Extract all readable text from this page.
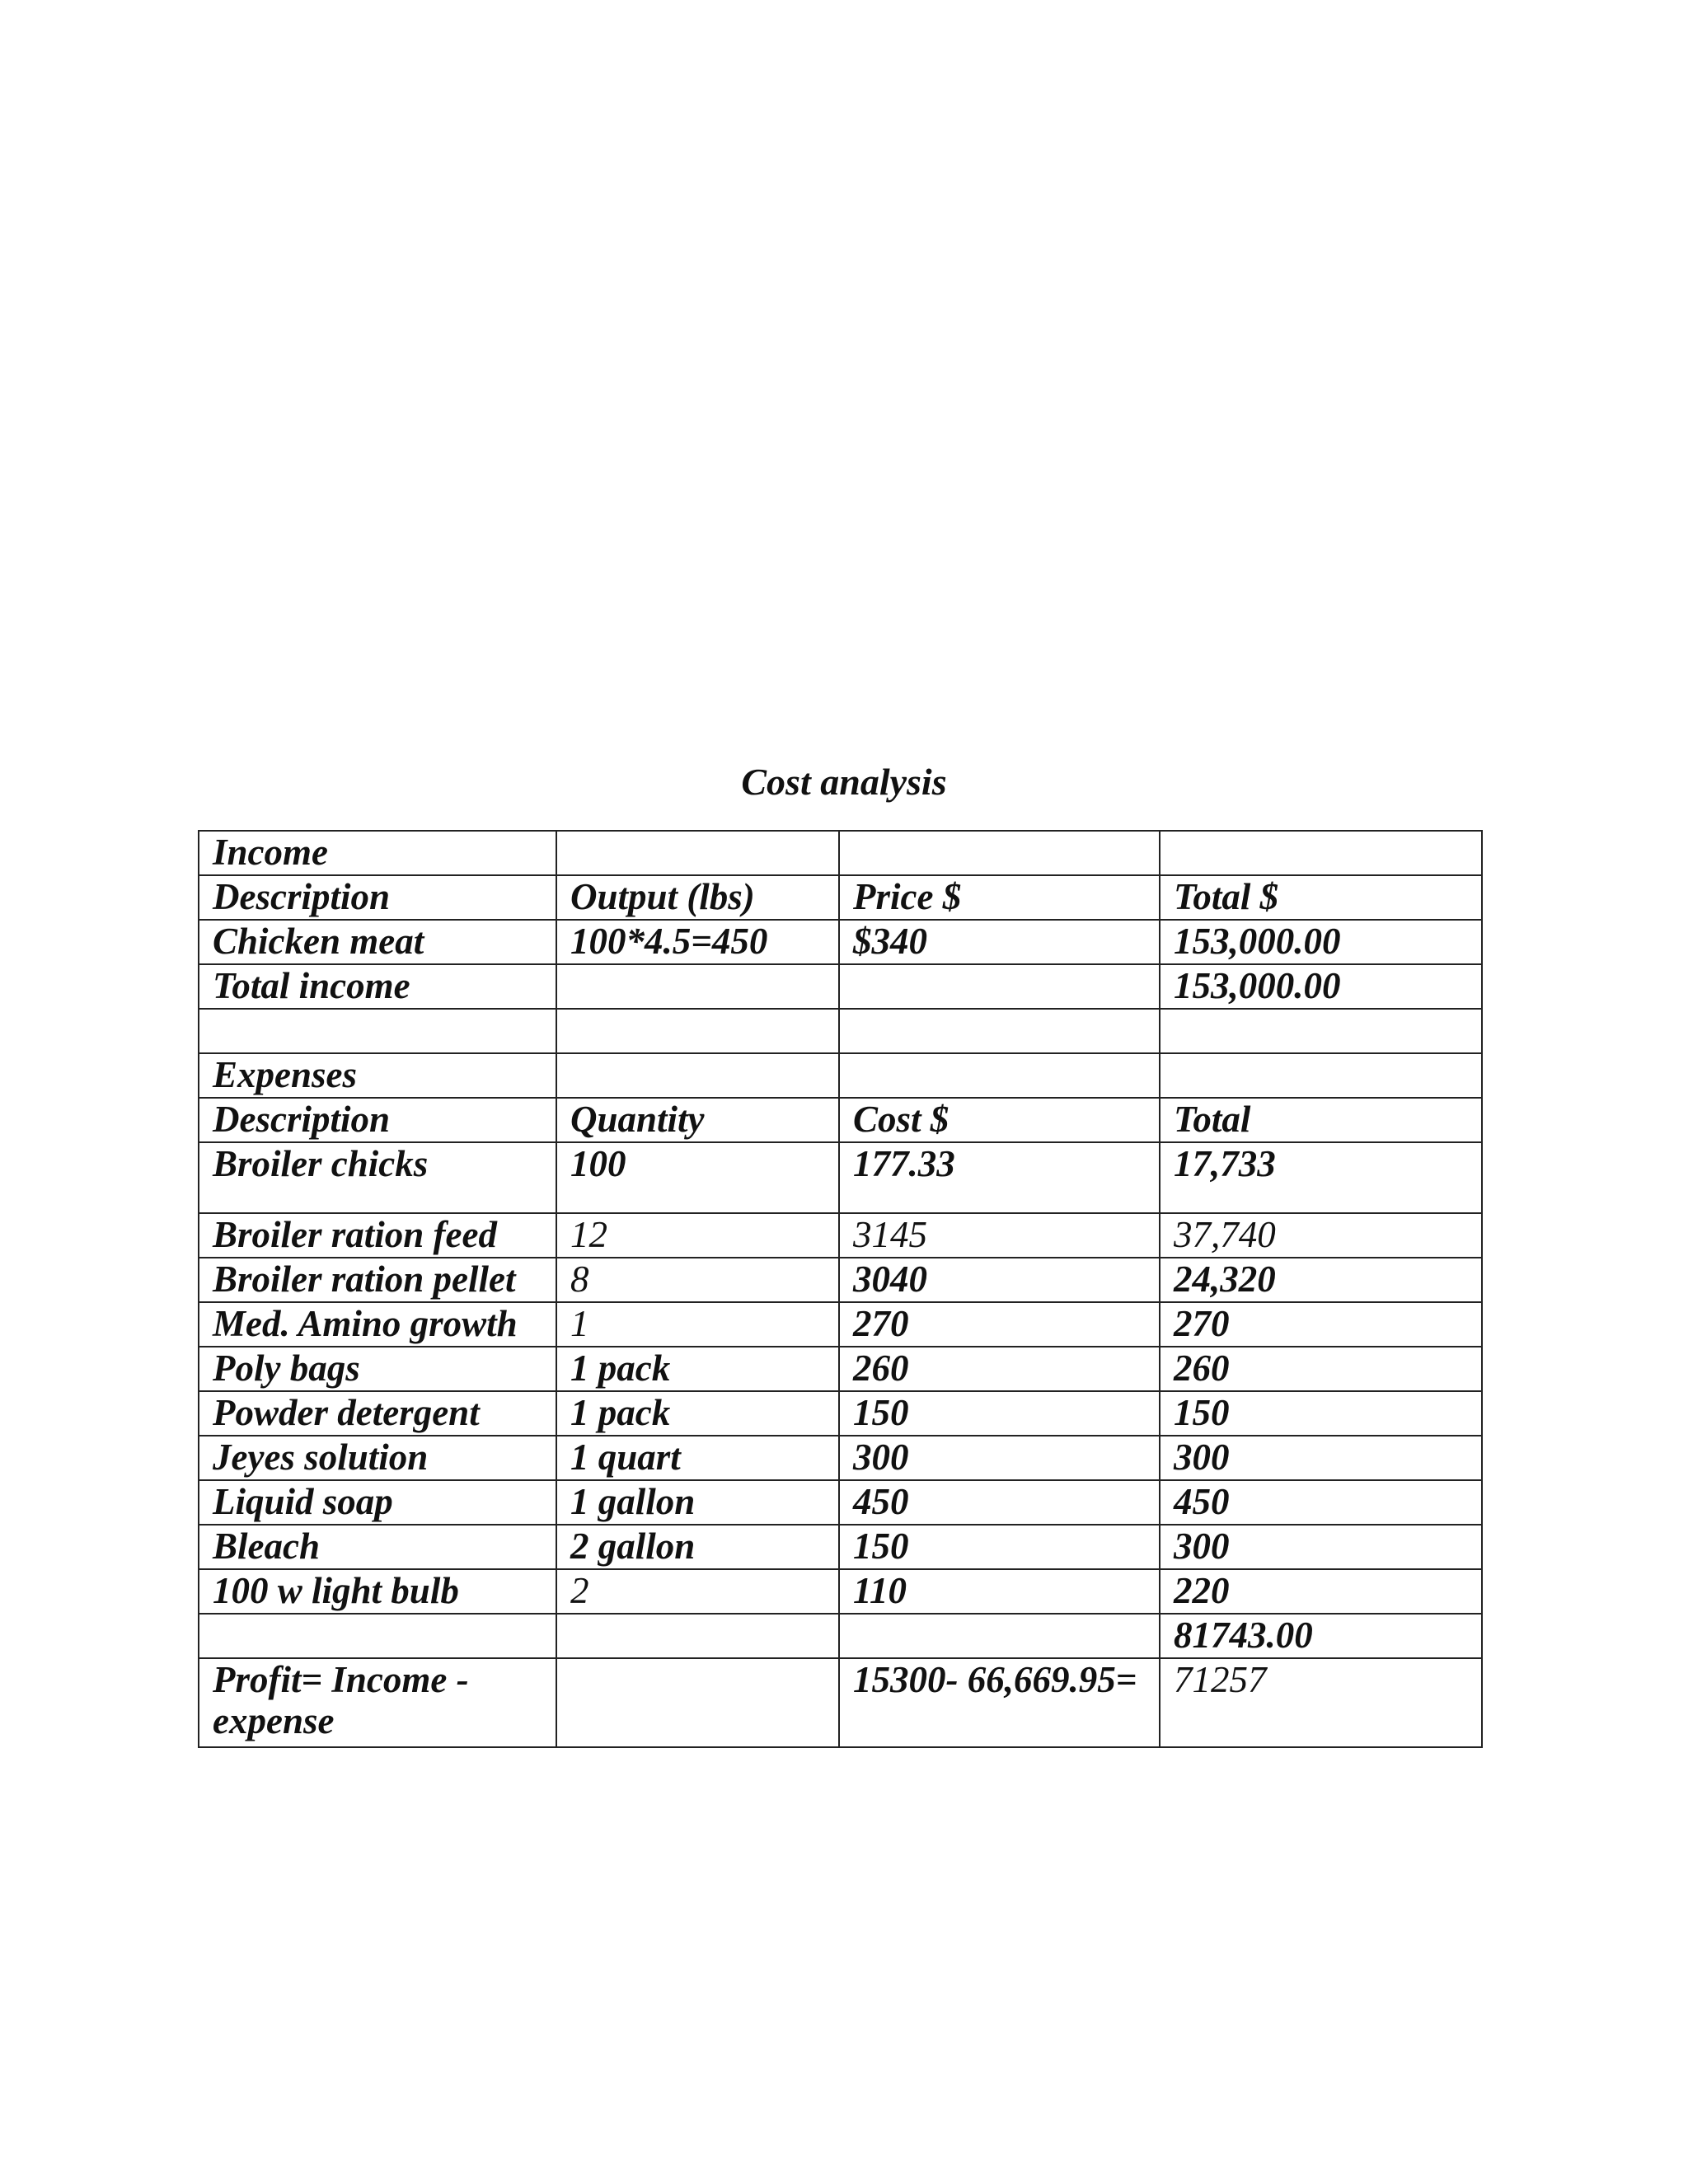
Cost analysis
Income			
Description	Output (lbs)	Price $	Total $
Chicken meat	100*4.5=450	$340	153,000.00
Total income			153,000.00

Expenses			
Description	Quantity	Cost $	Total
Broiler chicks	100	177.33	17,733
Broiler ration feed	12	3145	37,740
Broiler ration pellet	8	3040	24,320
Med. Amino growth	1	270	270
Poly bags	1 pack	260	260
Powder detergent	1 pack	150	150
Jeyes solution	1 quart	300	300
Liquid soap	1 gallon	450	450
Bleach	2 gallon	150	300
100 w light bulb	2	110	220
			81743.00
Profit= Income - expense		15300- 66,669.95=	71257
